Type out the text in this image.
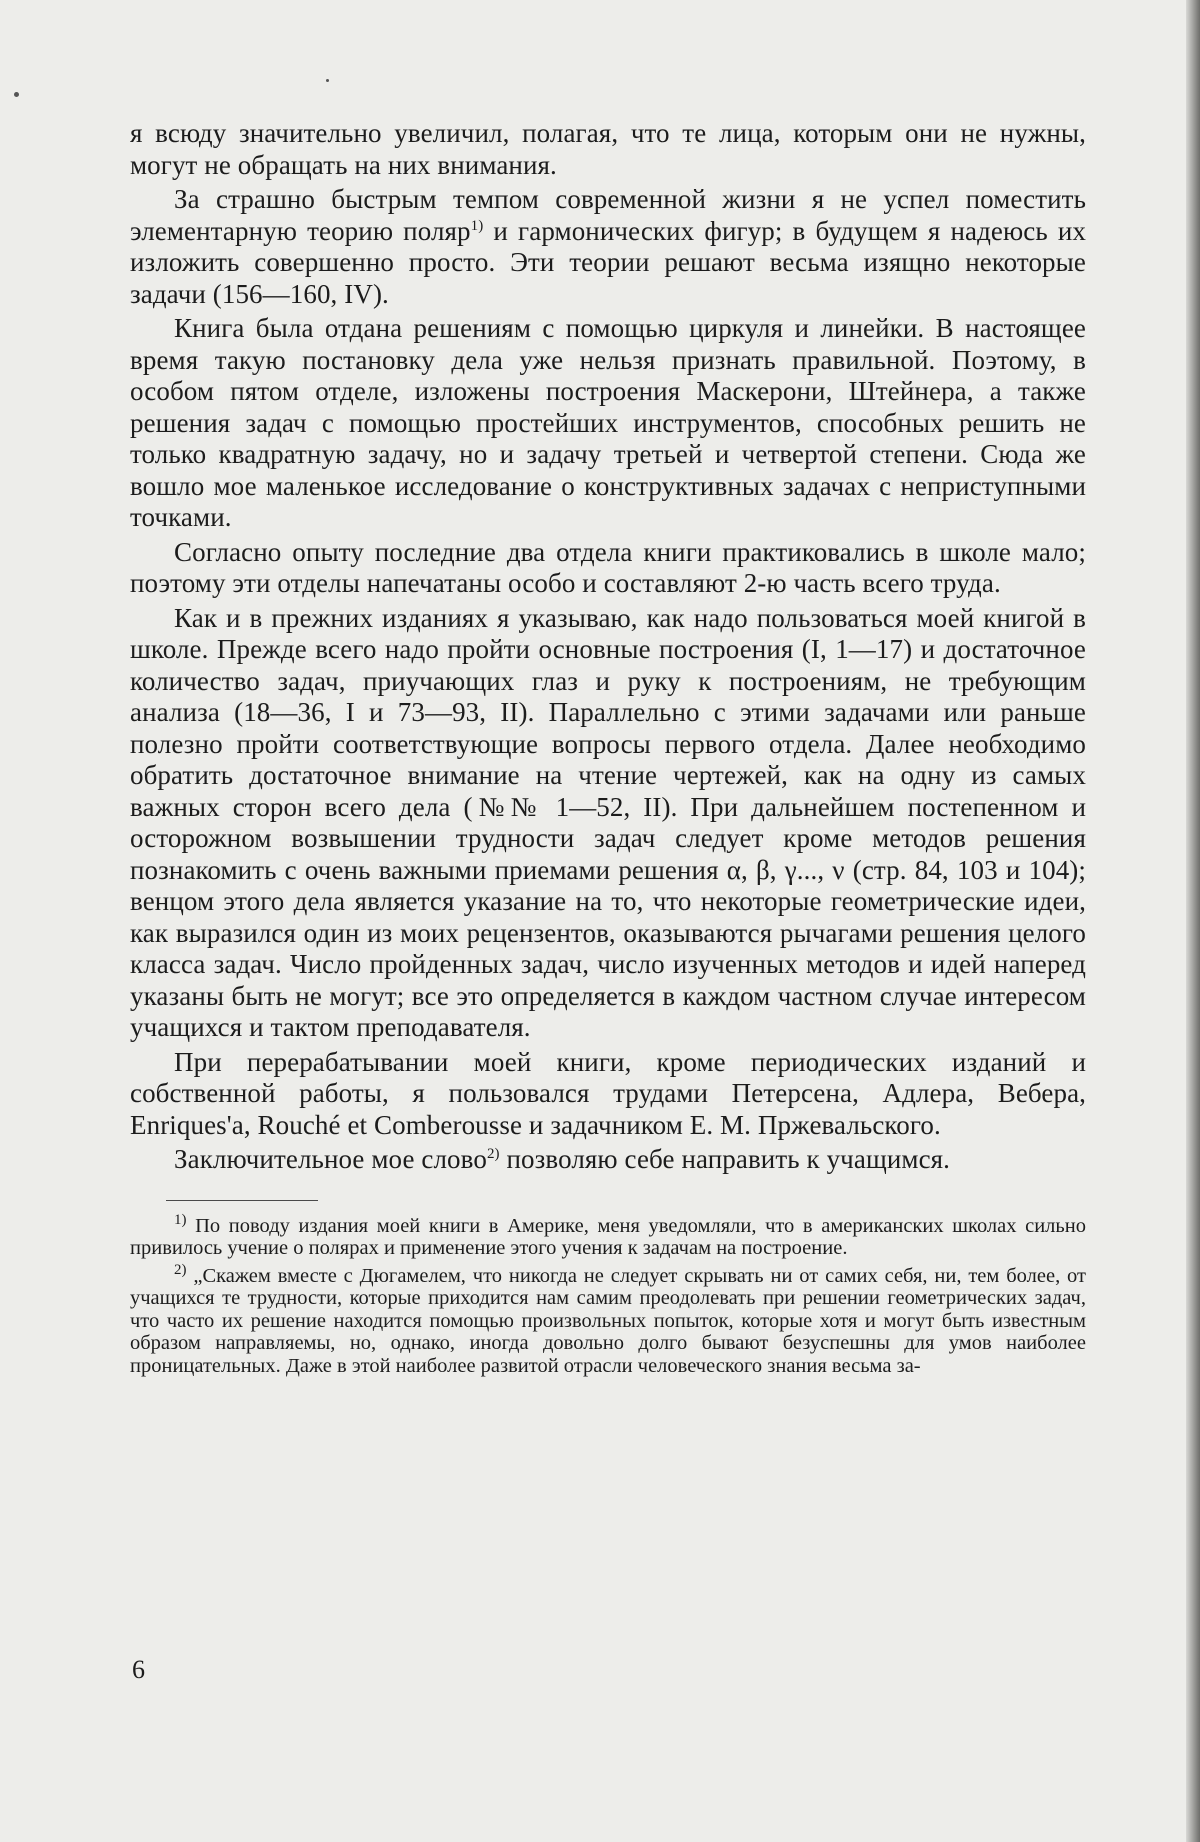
я всюду значительно увеличил, полагая, что те лица, которым они не нужны, могут не обращать на них внимания.

За страшно быстрым темпом современной жизни я не успел поместить элементарную теорию поляр$^{1)}$ и гармонических фигур; в будущем я надеюсь их изложить совершенно просто. Эти теории решают весьма изящно некоторые задачи (156—160, IV).

Книга была отдана решениям с помощью циркуля и линейки. В настоящее время такую постановку дела уже нельзя признать правильной. Поэтому, в особом пятом отделе, изложены построения Маскерони, Штейнера, а также решения задач с помощью простейших инструментов, способных решить не только квадратную задачу, но и задачу третьей и четвертой степени. Сюда же вошло мое маленькое исследование о конструктивных задачах с неприступными точками.

Согласно опыту последние два отдела книги практиковались в школе мало; поэтому эти отделы напечатаны особо и составляют 2-ю часть всего труда.

Как и в прежних изданиях я указываю, как надо пользоваться моей книгой в школе. Прежде всего надо пройти основные построения (I, 1—17) и достаточное количество задач, приучающих глаз и руку к построениям, не требующим анализа (18—36, I и 73—93, II). Параллельно с этими задачами или раньше полезно пройти соответствующие вопросы первого отдела. Далее необходимо обратить достаточное внимание на чтение чертежей, как на одну из самых важных сторон всего дела (№№ 1—52, II). При дальнейшем постепенном и осторожном возвышении трудности задач следует кроме методов решения познакомить с очень важными приемами решения α, β, γ..., ν (стр. 84, 103 и 104); венцом этого дела является указание на то, что некоторые геометрические идеи, как выразился один из моих рецензентов, оказываются рычагами решения целого класса задач. Число пройденных задач, число изученных методов и идей наперед указаны быть не могут; все это определяется в каждом частном случае интересом учащихся и тактом преподавателя.

При перерабатывании моей книги, кроме периодических изданий и собственной работы, я пользовался трудами Петерсена, Адлера, Вебера, Enriques'a, Rouché et Comberousse и задачником Е. М. Пржевальского.

Заключительное мое слово$^{2)}$ позволяю себе направить к учащимся.

$^{1)}$ По поводу издания моей книги в Америке, меня уведомляли, что в американских школах сильно привилось учение о полярах и применение этого учения к задачам на построение.

$^{2)}$ „Скажем вместе с Дюгамелем, что никогда не следует скрывать ни от самих себя, ни, тем более, от учащихся те трудности, которые приходится нам самим преодолевать при решении геометрических задач, что часто их решение находится помощью произвольных попыток, которые хотя и могут быть известным образом направляемы, но, однако, иногда довольно долго бывают безуспешны для умов наиболее проницательных. Даже в этой наиболее развитой отрасли человеческого знания весьма за-

6
